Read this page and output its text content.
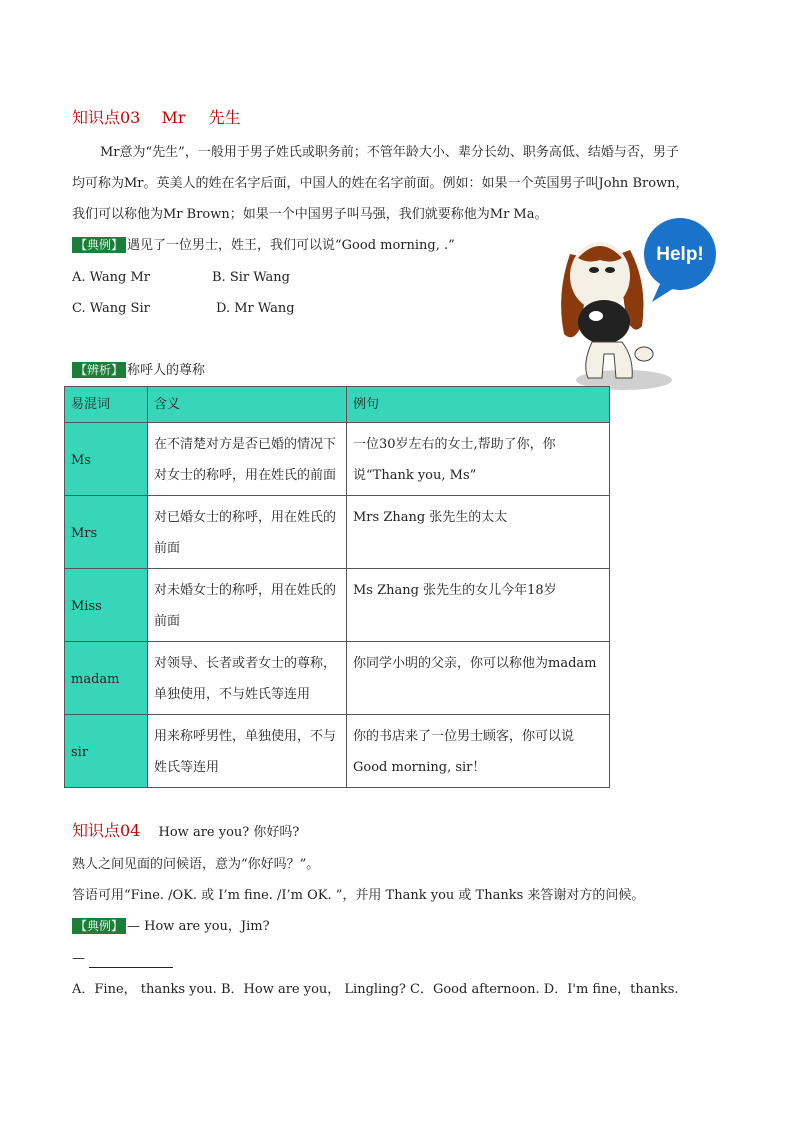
知识点03 Mr 先生
Mr意为“先生”，一般用于男子姓氏或职务前；不管年龄大小、辈分长幼、职务高低、结婚与否，男子
均可称为Mr。英美人的姓在名字后面，中国人的姓在名字前面。例如：如果一个英国男子叫John Brown，
我们可以称他为Mr Brown；如果一个中国男子叫马强，我们就要称他为Mr Ma。
【典例】 遇见了一位男士，姓王，我们可以说“Good morning, .”
A. Wang Mr	B. Sir Wang
C. Wang Sir	D. Mr Wang
Help!
【辨析】 称呼人的尊称
易混词	含义	例句
Ms	在不清楚对方是否已婚的情况下对女士的称呼，用在姓氏的前面	一位30岁左右的女士,帮助了你，你说“Thank you, Ms”
Mrs	对已婚女士的称呼，用在姓氏的前面	Mrs Zhang 张先生的太太
Miss	对未婚女士的称呼，用在姓氏的前面	Ms Zhang 张先生的女儿今年18岁
madam	对领导、长者或者女士的尊称，单独使用，不与姓氏等连用	你同学小明的父亲，你可以称他为madam
sir	用来称呼男性，单独使用，不与姓氏等连用	你的书店来了一位男士顾客，你可以说Good morning, sir！
知识点04 How are you? 你好吗?
熟人之间见面的问候语，意为“你好吗？”。
答语可用“Fine. /OK. 或 I’m fine. /I’m OK. ”，并用 Thank you 或 Thanks 来答谢对方的问候。
【典例】 — How are you，Jim?
—
A．Fine， thanks you. B．How are you， Lingling? C．Good afternoon. D．I'm fine，thanks.
